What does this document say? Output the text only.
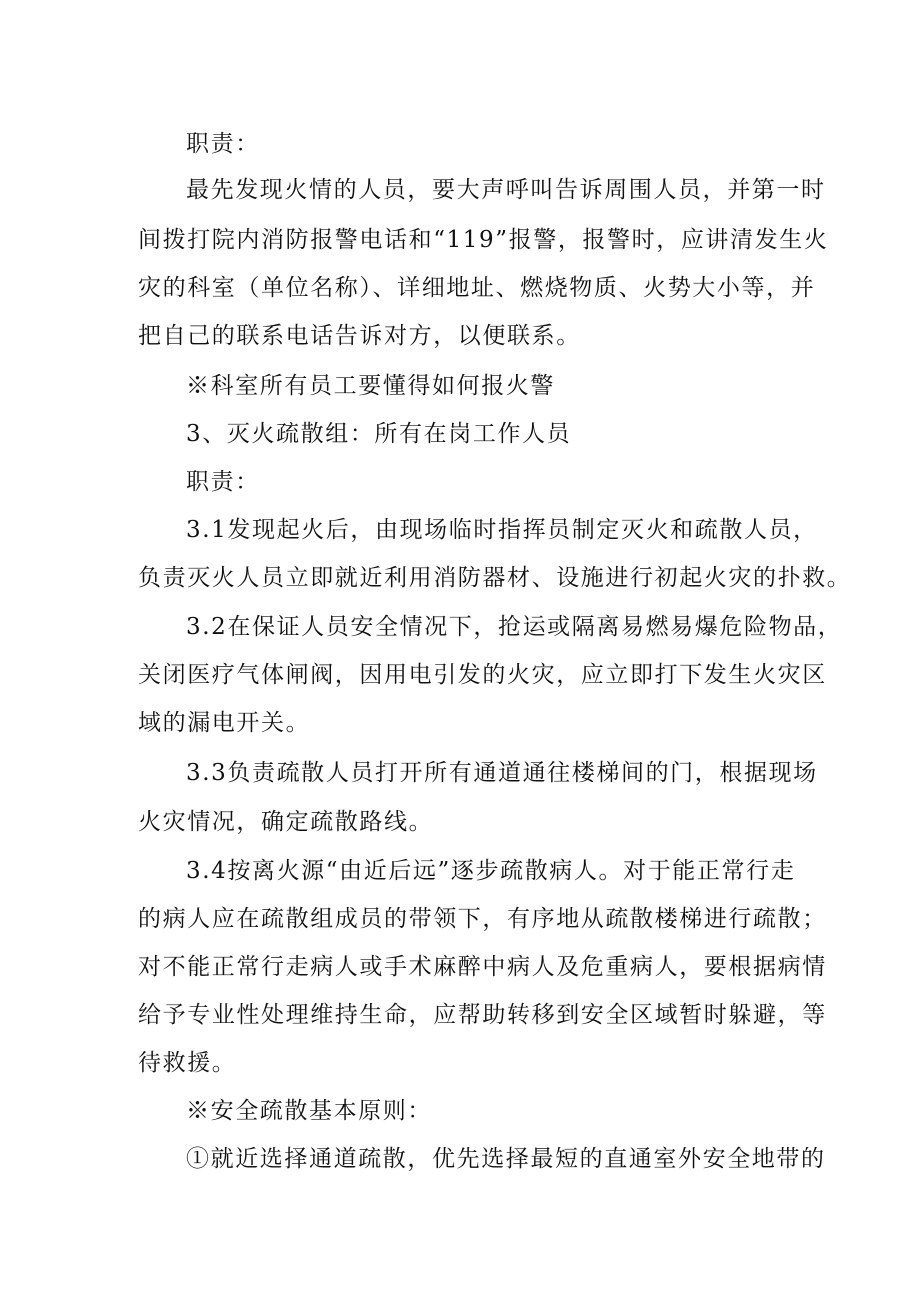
职责：
最先发现火情的人员，要大声呼叫告诉周围人员，并第一时
间拨打院内消防报警电话和“119”报警，报警时，应讲清发生火
灾的科室（单位名称）、详细地址、燃烧物质、火势大小等，并
把自己的联系电话告诉对方，以便联系。
※科室所有员工要懂得如何报火警
3、灭火疏散组：所有在岗工作人员
职责：
3.1发现起火后，由现场临时指挥员制定灭火和疏散人员，
负责灭火人员立即就近利用消防器材、设施进行初起火灾的扑救。
3.2在保证人员安全情况下，抢运或隔离易燃易爆危险物品，
关闭医疗气体闸阀，因用电引发的火灾，应立即打下发生火灾区
域的漏电开关。
3.3负责疏散人员打开所有通道通往楼梯间的门，根据现场
火灾情况，确定疏散路线。
3.4按离火源“由近后远”逐步疏散病人。对于能正常行走
的病人应在疏散组成员的带领下，有序地从疏散楼梯进行疏散；
对不能正常行走病人或手术麻醉中病人及危重病人，要根据病情
给予专业性处理维持生命，应帮助转移到安全区域暂时躲避，等
待救援。
※安全疏散基本原则：
①就近选择通道疏散，优先选择最短的直通室外安全地带的
